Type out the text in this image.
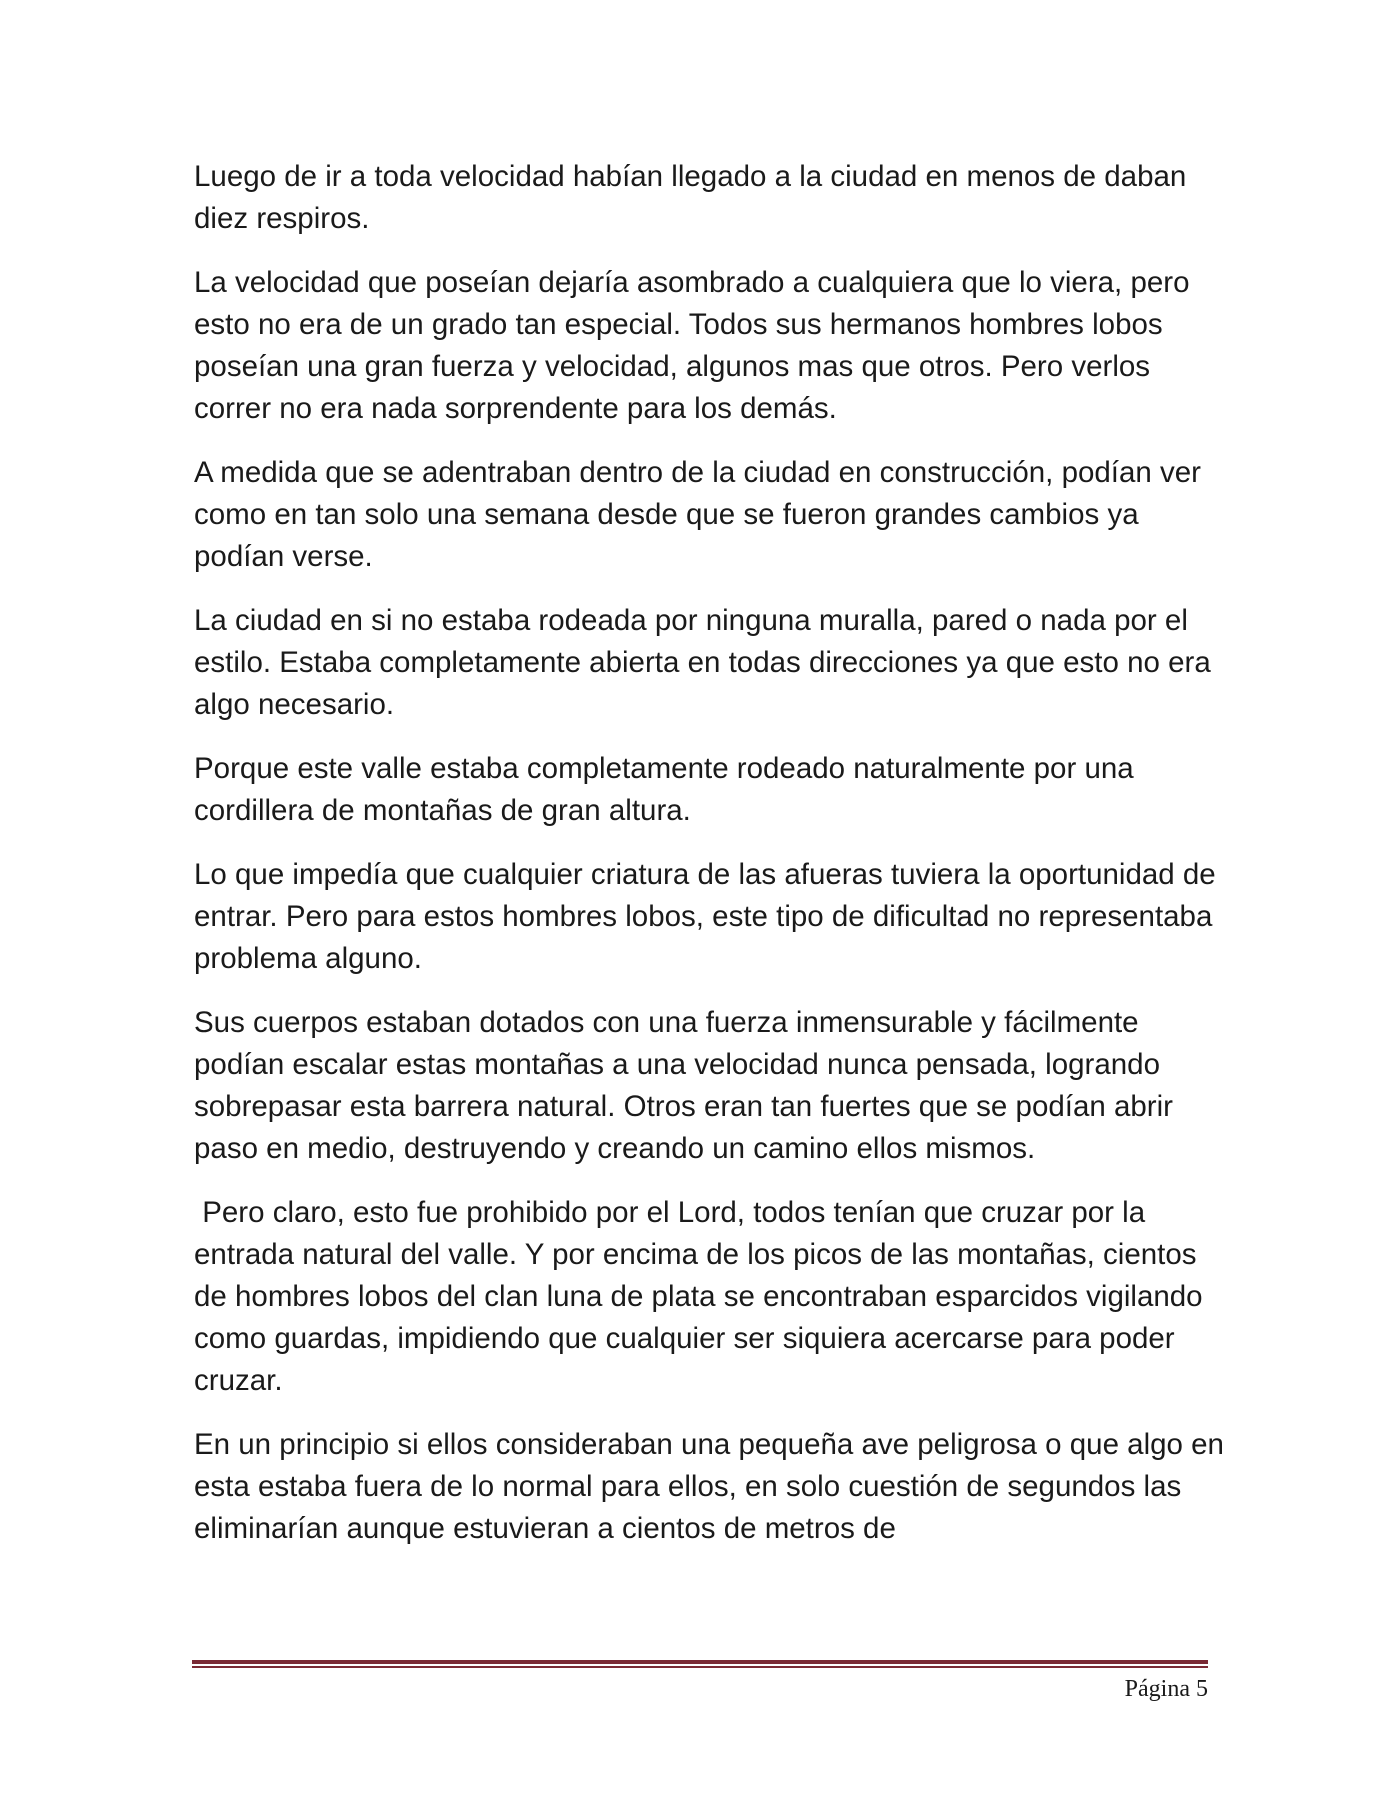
Luego de ir a toda velocidad habían llegado a la ciudad en menos de daban diez respiros.

La velocidad que poseían dejaría asombrado a cualquiera que lo viera, pero esto no era de un grado tan especial. Todos sus hermanos hombres lobos poseían una gran fuerza y velocidad, algunos mas que otros. Pero verlos correr no era nada sorprendente para los demás.

A medida que se adentraban dentro de la ciudad en construcción, podían ver como en tan solo una semana desde que se fueron grandes cambios ya podían verse.

La ciudad en si no estaba rodeada por ninguna muralla, pared o nada por el estilo. Estaba completamente abierta en todas direcciones ya que esto no era algo necesario.

Porque este valle estaba completamente rodeado naturalmente por una cordillera de montañas de gran altura.

Lo que impedía que cualquier criatura de las afueras tuviera la oportunidad de entrar. Pero para estos hombres lobos, este tipo de dificultad no representaba problema alguno.

Sus cuerpos estaban dotados con una fuerza inmensurable y fácilmente podían escalar estas montañas a una velocidad nunca pensada, logrando sobrepasar esta barrera natural. Otros eran tan fuertes que se podían abrir paso en medio, destruyendo y creando un camino ellos mismos.

Pero claro, esto fue prohibido por el Lord, todos tenían que cruzar por la entrada natural del valle. Y por encima de los picos de las montañas, cientos de hombres lobos del clan luna de plata se encontraban esparcidos vigilando como guardas, impidiendo que cualquier ser siquiera acercarse para poder cruzar.

En un principio si ellos consideraban una pequeña ave peligrosa o que algo en esta estaba fuera de lo normal para ellos, en solo cuestión de segundos las eliminarían aunque estuvieran a cientos de metros de

Página 5
